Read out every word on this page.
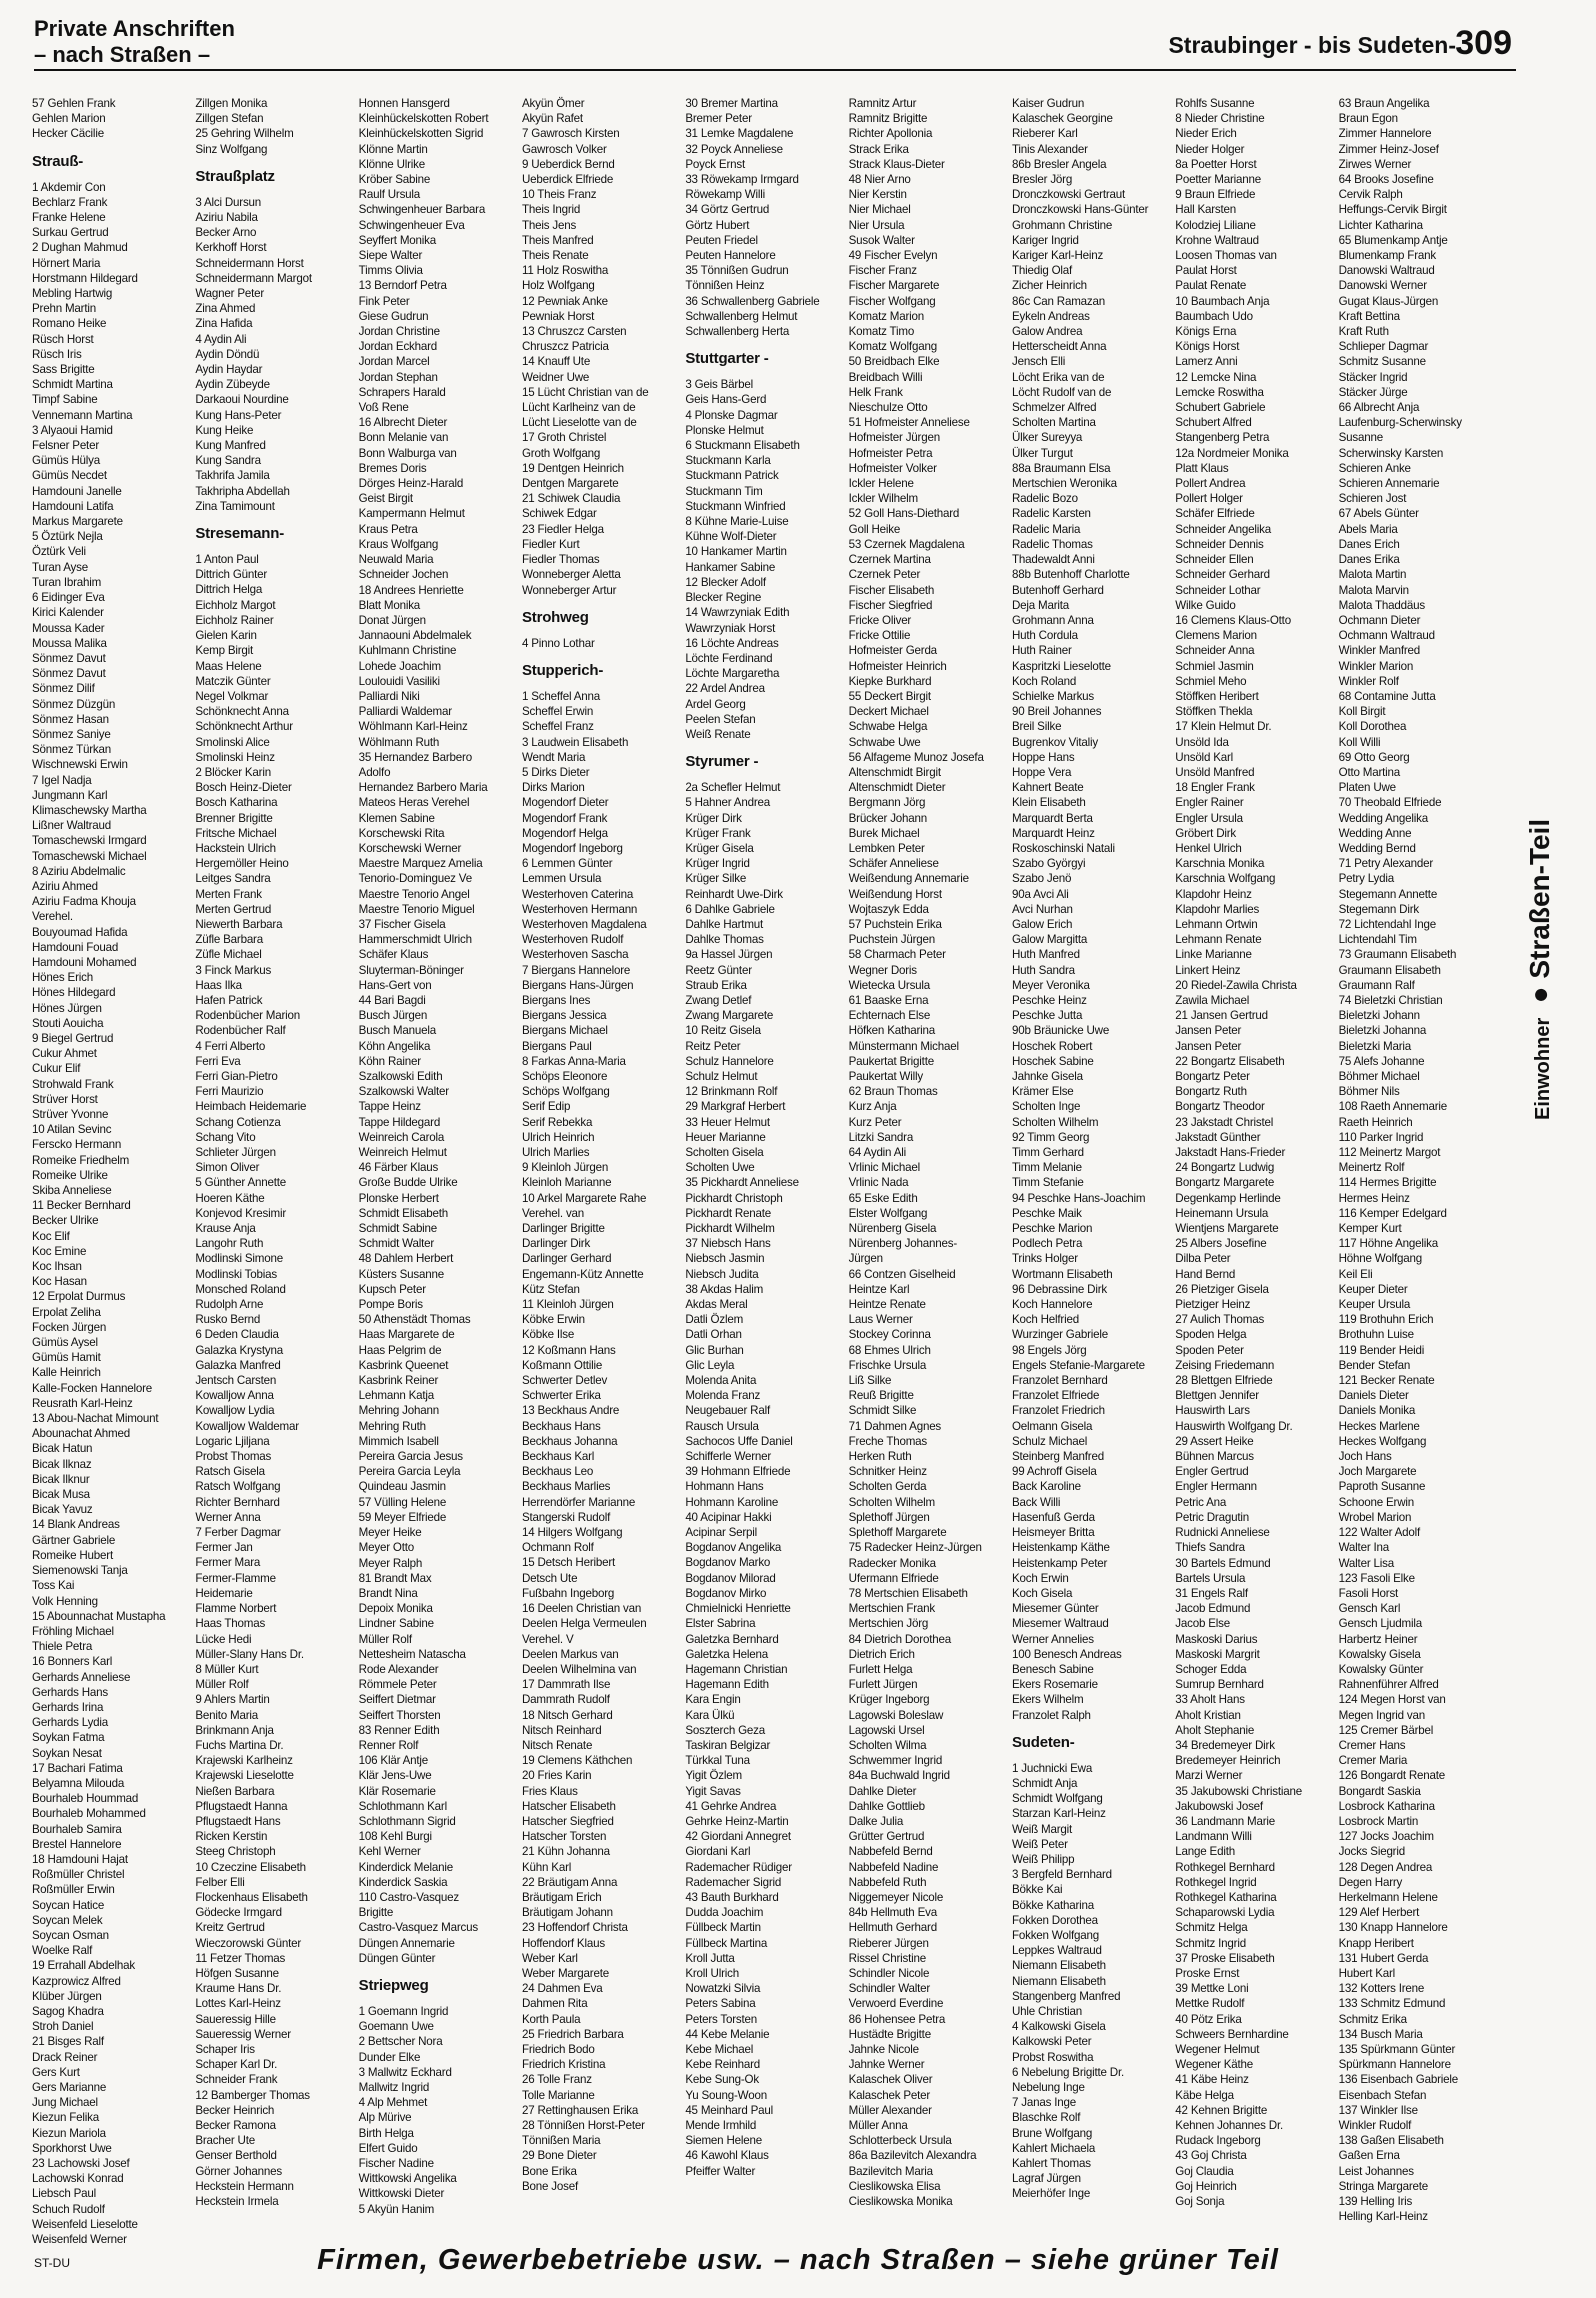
Private Anschriften
– nach Straßen –	Straubinger - bis Sudeten- 309
57 Gehlen Frank
Gehlen Marion
Hecker Cäcilie
Strauß-
1 Akdemir Con
Bechlarz Frank
Franke Helene
Surkau Gertrud
2 Dughan Mahmud
Hörnert Maria
Horstmann Hildegard
Mebling Hartwig
Prehn Martin
Romano Heike
Rüsch Horst
Rüsch Iris
Sass Brigitte
Schmidt Martina
Timpf Sabine
Vennemann Martina
3 Alyaoui Hamid
Felsner Peter
Gümüs Hülya
Gümüs Necdet
Hamdouni Janelle
Hamdouni Latifa
Markus Margarete
5 Öztürk Nejla
Öztürk Veli
Turan Ayse
Turan Ibrahim
6 Eidinger Eva
Kirici Kalender
Moussa Kader
Moussa Malika
Sönmez Davut
Sönmez Davut
Sönmez Dilif
Sönmez Düzgün
Sönmez Hasan
Sönmez Saniye
Sönmez Türkan
Wischnewski Erwin
7 Igel Nadja
Jungmann Karl
Klimaschewsky Martha
Lißner Waltraud
Tomaschewski Irmgard
Tomaschewski Michael
8 Aziriu Abdelmalic
Aziriu Ahmed
Aziriu Fadma Khouja
Verehel.
Bouyoumad Hafida
Hamdouni Fouad
Hamdouni Mohamed
Hönes Erich
Hönes Hildegard
Hönes Jürgen
Stouti Aouicha
9 Biegel Gertrud
Cukur Ahmet
Cukur Elif
Strohwald Frank
Strüver Horst
Strüver Yvonne
10 Atilan Sevinc
Ferscko Hermann
Romeike Friedhelm
Romeike Ulrike
Skiba Anneliese
11 Becker Bernhard
Becker Ulrike
Koc Elif
Koc Emine
Koc Ihsan
Koc Hasan
12 Erpolat Durmus
Erpolat Zeliha
Focken Jürgen
Gümüs Aysel
Gümüs Hamit
Kalle Heinrich
Kalle-Focken Hannelore
Reusrath Karl-Heinz
13 Abou-Nachat Mimount
Abounachat Ahmed
Bicak Hatun
Bicak Ilknaz
Bicak Ilknur
Bicak Musa
Bicak Yavuz
14 Blank Andreas
Gärtner Gabriele
Romeike Hubert
Siemenowski Tanja
Toss Kai
Volk Henning
15 Abounnachat Mustapha
Fröhling Michael
Thiele Petra
16 Bonners Karl
Gerhards Anneliese
Gerhards Hans
Gerhards Irina
Gerhards Lydia
Soykan Fatma
Soykan Nesat
17 Bachari Fatima
Belyamna Milouda
Bourhaleb Hoummad
Bourhaleb Mohammed
Bourhaleb Samira
Brestel Hannelore
18 Hamdouni Hajat
Roßmüller Christel
Roßmüller Erwin
Soycan Hatice
Soycan Melek
Soycan Osman
Woelke Ralf
19 Errahall Abdelhak
Kazprowicz Alfred
Klüber Jürgen
Sagog Khadra
Stroh Daniel
21 Bisges Ralf
Drack Reiner
Gers Kurt
Gers Marianne
Jung Michael
Kiezun Felika
Kiezun Mariola
Sporkhorst Uwe
23 Lachowski Josef
Lachowski Konrad
Liebsch Paul
Schuch Rudolf
Weisenfeld Lieselotte
Weisenfeld Werner
Zillgen Monika
Zillgen Stefan
25 Gehring Wilhelm
Sinz Wolfgang
Straußplatz
3 Alci Dursun
Aziriu Nabila
Becker Arno
Kerkhoff Horst
Schneidermann Horst
Schneidermann Margot
Wagner Peter
Zina Ahmed
Zina Hafida
4 Aydin Ali
Aydin Döndü
Aydin Haydar
Aydin Zübeyde
Darkaoui Nourdine
Kung Hans-Peter
Kung Heike
Kung Manfred
Kung Sandra
Takhrifa Jamila
Takhripha Abdellah
Zina Tamimount
Stresemann-
1 Anton Paul
Dittrich Günter
Dittrich Helga
Eichholz Margot
Eichholz Rainer
Gielen Karin
Kemp Birgit
Maas Helene
Matczik Günter
Negel Volkmar
Schönknecht Anna
Schönknecht Arthur
Smolinski Alice
Smolinski Heinz
2 Blöcker Karin
Bosch Heinz-Dieter
Bosch Katharina
Brenner Brigitte
Fritsche Michael
Hackstein Ulrich
Hergemöller Heino
Leitges Sandra
Merten Frank
Merten Gertrud
Niewerth Barbara
Züfle Barbara
Züfle Michael
3 Finck Markus
Haas Ilka
Hafen Patrick
Rodenbücher Marion
Rodenbücher Ralf
4 Ferri Alberto
Ferri Eva
Ferri Gian-Pietro
Ferri Maurizio
Heimbach Heidemarie
Schang Cotienza
Schang Vito
Schlieter Jürgen
Simon Oliver
5 Günther Annette
Hoeren Käthe
Konjevod Kresimir
Krause Anja
Langohr Ruth
Modlinski Simone
Modlinski Tobias
Monsched Roland
Rudolph Arne
Rusko Bernd
6 Deden Claudia
Galazka Krystyna
Galazka Manfred
Jentsch Carsten
Kowalljow Anna
Kowalljow Lydia
Kowalljow Waldemar
Logaric Ljiljana
Probst Thomas
Ratsch Gisela
Ratsch Wolfgang
Richter Bernhard
Werner Anna
7 Ferber Dagmar
Fermer Jan
Fermer Mara
Fermer-Flamme
Heidemarie
Flamme Norbert
Haas Thomas
Lücke Hedi
Müller-Slany Hans Dr.
8 Müller Kurt
Müller Rolf
9 Ahlers Martin
Benito Maria
Brinkmann Anja
Fuchs Martina Dr.
Krajewski Karlheinz
Krajewski Lieselotte
Nießen Barbara
Pflugstaedt Hanna
Pflugstaedt Hans
Ricken Kerstin
Steeg Christoph
10 Czeczine Elisabeth
Felber Elli
Flockenhaus Elisabeth
Gödecke Irmgard
Kreitz Gertrud
Wieczorowski Günter
11 Fetzer Thomas
Höfgen Susanne
Kraume Hans Dr.
Lottes Karl-Heinz
Saueressig Hille
Saueressig Werner
Schaper Iris
Schaper Karl Dr.
Schneider Frank
12 Bamberger Thomas
Becker Heinrich
Becker Ramona
Bracher Ute
Genser Berthold
Görner Johannes
Heckstein Hermann
Heckstein Irmela
Honnen Hansgerd
Kleinhückelskotten Robert
Kleinhückelskotten Sigrid
Klönne Martin
Klönne Ulrike
Kröber Sabine
Raulf Ursula
Schwingenheuer Barbara
Schwingenheuer Eva
Seyffert Monika
Siepe Walter
Timms Olivia
13 Berndorf Petra
Fink Peter
Giese Gudrun
Jordan Christine
Jordan Eckhard
Jordan Marcel
Jordan Stephan
Schrapers Harald
Voß Rene
16 Albrecht Dieter
Bonn Melanie van
Bonn Walburga van
Bremes Doris
Dörges Heinz-Harald
Geist Birgit
Kampermann Helmut
Kraus Petra
Kraus Wolfgang
Neuwald Maria
Schneider Jochen
18 Andrees Henriette
Blatt Monika
Donat Jürgen
Jannaouni Abdelmalek
Kuhlmann Christine
Lohede Joachim
Loulouidi Vasiliki
Palliardi Niki
Palliardi Waldemar
Wöhlmann Karl-Heinz
Wöhlmann Ruth
35 Hernandez Barbero
Adolfo
Hernandez Barbero Maria
Mateos Heras Verehel
Klemen Sabine
Korschewski Rita
Korschewski Werner
Maestre Marquez Amelia
Tenorio-Dominguez Ve
Maestre Tenorio Angel
Maestre Tenorio Miguel
37 Fischer Gisela
Hammerschmidt Ulrich
Schäfer Klaus
Sluyterman-Böninger
Hans-Gert von
44 Bari Bagdi
Busch Jürgen
Busch Manuela
Köhn Angelika
Köhn Rainer
Szalkowski Edith
Szalkowski Walter
Tappe Heinz
Tappe Hildegard
Weinreich Carola
Weinreich Helmut
46 Färber Klaus
Große Budde Ulrike
Plonske Herbert
Schmidt Elisabeth
Schmidt Sabine
Schmidt Walter
48 Dahlem Herbert
Küsters Susanne
Kupsch Peter
Pompe Boris
50 Athenstädt Thomas
Haas Margarete de
Haas Pelgrim de
Kasbrink Queenet
Kasbrink Reiner
Lehmann Katja
Mehring Johann
Mehring Ruth
Mimmich Isabell
Pereira Garcia Jesus
Pereira Garcia Leyla
Quindeau Jasmin
57 Vülling Helene
59 Meyer Elfriede
Meyer Heike
Meyer Otto
Meyer Ralph
81 Brandt Max
Brandt Nina
Depoix Monika
Lindner Sabine
Müller Rolf
Nettesheim Natascha
Rode Alexander
Römmele Peter
Seiffert Dietmar
Seiffert Thorsten
83 Renner Edith
Renner Rolf
106 Klär Antje
Klär Jens-Uwe
Klär Rosemarie
Schlothmann Karl
Schlothmann Sigrid
108 Kehl Burgi
Kehl Werner
Kinderdick Melanie
Kinderdick Saskia
110 Castro-Vasquez
Brigitte
Castro-Vasquez Marcus
Düngen Annemarie
Düngen Günter
Striepweg
1 Goemann Ingrid
Goemann Uwe
2 Bettscher Nora
Dunder Elke
3 Mallwitz Eckhard
Mallwitz Ingrid
4 Alp Mehmet
Alp Mürive
Birth Helga
Elfert Guido
Fischer Nadine
Wittkowski Angelika
Wittkowski Dieter
5 Akyün Hanim
Akyün Ömer
Akyün Rafet
7 Gawrosch Kirsten
Gawrosch Volker
9 Ueberdick Bernd
Ueberdick Elfriede
10 Theis Franz
Theis Ingrid
Theis Jens
Theis Manfred
Theis Renate
11 Holz Roswitha
Holz Wolfgang
12 Pewniak Anke
Pewniak Horst
13 Chruszcz Carsten
Chruszcz Patricia
14 Knauff Ute
Weidner Uwe
15 Lücht Christian van de
Lücht Karlheinz van de
Lücht Lieselotte van de
17 Groth Christel
Groth Wolfgang
19 Dentgen Heinrich
Dentgen Margarete
21 Schiwek Claudia
Schiwek Edgar
23 Fiedler Helga
Fiedler Kurt
Fiedler Thomas
Wonneberger Aletta
Wonneberger Artur
Strohweg
4 Pinno Lothar
Stupperich-
1 Scheffel Anna
Scheffel Erwin
Scheffel Franz
3 Laudwein Elisabeth
Wendt Maria
5 Dirks Dieter
Dirks Marion
Mogendorf Dieter
Mogendorf Frank
Mogendorf Helga
Mogendorf Ingeborg
6 Lemmen Günter
Lemmen Ursula
Westerhoven Caterina
Westerhoven Hermann
Westerhoven Magdalena
Westerhoven Rudolf
Westerhoven Sascha
7 Biergans Hannelore
Biergans Hans-Jürgen
Biergans Ines
Biergans Jessica
Biergans Michael
Biergans Paul
8 Farkas Anna-Maria
Schöps Eleonore
Schöps Wolfgang
Serif Edip
Serif Rebekka
Ulrich Heinrich
Ulrich Marlies
9 Kleinloh Jürgen
Kleinloh Marianne
10 Arkel Margarete Rahe
Verehel. van
Darlinger Brigitte
Darlinger Dirk
Darlinger Gerhard
Engemann-Kütz Annette
Kütz Stefan
11 Kleinloh Jürgen
Köbke Erwin
Köbke Ilse
12 Koßmann Hans
Koßmann Ottilie
Schwerter Detlev
Schwerter Erika
13 Beckhaus Andre
Beckhaus Hans
Beckhaus Johanna
Beckhaus Karl
Beckhaus Leo
Beckhaus Marlies
Herrendörfer Marianne
Stangerski Rudolf
14 Hilgers Wolfgang
Ochmann Rolf
15 Detsch Heribert
Detsch Ute
Fußbahn Ingeborg
16 Deelen Christian van
Deelen Helga Vermeulen
Verehel. V
Deelen Markus van
Deelen Wilhelmina van
17 Dammrath Ilse
Dammrath Rudolf
18 Nitsch Gerhard
Nitsch Reinhard
Nitsch Renate
19 Clemens Käthchen
20 Fries Karin
Fries Klaus
Hatscher Elisabeth
Hatscher Siegfried
Hatscher Torsten
21 Kühn Johanna
Kühn Karl
22 Bräutigam Anna
Bräutigam Erich
Bräutigam Johann
23 Hoffendorf Christa
Hoffendorf Klaus
Weber Karl
Weber Margarete
24 Dahmen Eva
Dahmen Rita
Korth Paula
25 Friedrich Barbara
Friedrich Bodo
Friedrich Kristina
26 Tolle Franz
Tolle Marianne
27 Rettinghausen Erika
28 Tönnißen Horst-Peter
Tönnißen Maria
29 Bone Dieter
Bone Erika
Bone Josef
30 Bremer Martina
Bremer Peter
31 Lemke Magdalene
32 Poyck Anneliese
Poyck Ernst
33 Röwekamp Irmgard
Röwekamp Willi
34 Görtz Gertrud
Görtz Hubert
Peuten Friedel
Peuten Hannelore
35 Tönnißen Gudrun
Tönnißen Heinz
36 Schwallenberg Gabriele
Schwallenberg Helmut
Schwallenberg Herta
Stuttgarter -
3 Geis Bärbel
Geis Hans-Gerd
4 Plonske Dagmar
Plonske Helmut
6 Stuckmann Elisabeth
Stuckmann Karla
Stuckmann Patrick
Stuckmann Tim
Stuckmann Winfried
8 Kühne Marie-Luise
Kühne Wolf-Dieter
10 Hankamer Martin
Hankamer Sabine
12 Blecker Adolf
Blecker Regine
14 Wawrzyniak Edith
Wawrzyniak Horst
16 Löchte Andreas
Löchte Ferdinand
Löchte Margaretha
22 Ardel Andrea
Ardel Georg
Peelen Stefan
Weiß Renate
Styrumer -
2a Schefler Helmut
5 Hahner Andrea
Krüger Dirk
Krüger Frank
Krüger Gisela
Krüger Ingrid
Krüger Silke
Reinhardt Uwe-Dirk
6 Dahlke Gabriele
Dahlke Hartmut
Dahlke Thomas
9a Hassel Jürgen
Reetz Günter
Straub Erika
Zwang Detlef
Zwang Margarete
10 Reitz Gisela
Reitz Peter
Schulz Hannelore
Schulz Helmut
12 Brinkmann Rolf
29 Markgraf Herbert
33 Heuer Helmut
Heuer Marianne
Scholten Gisela
Scholten Uwe
35 Pickhardt Anneliese
Pickhardt Christoph
Pickhardt Renate
Pickhardt Wilhelm
37 Niebsch Hans
Niebsch Jasmin
Niebsch Judita
38 Akdas Halim
Akdas Meral
Datli Özlem
Datli Orhan
Glic Burhan
Glic Leyla
Molenda Anita
Molenda Franz
Neugebauer Ralf
Rausch Ursula
Sachocos Uffe Daniel
Schifferle Werner
39 Hohmann Elfriede
Hohmann Hans
Hohmann Karoline
40 Acipinar Hakki
Acipinar Serpil
Bogdanov Angelika
Bogdanov Marko
Bogdanov Milorad
Bogdanov Mirko
Chmielnicki Henriette
Elster Sabrina
Galetzka Bernhard
Galetzka Helena
Hagemann Christian
Hagemann Edith
Kara Engin
Kara Ülkü
Soszterch Geza
Taskiran Belgizar
Türkkal Tuna
Yigit Özlem
Yigit Savas
41 Gehrke Andrea
Gehrke Heinz-Martin
42 Giordani Annegret
Giordani Karl
Rademacher Rüdiger
Rademacher Sigrid
43 Bauth Burkhard
Dudda Joachim
Füllbeck Martin
Füllbeck Martina
Kroll Jutta
Kroll Ulrich
Nowatzki Silvia
Peters Sabina
Peters Torsten
44 Kebe Melanie
Kebe Michael
Kebe Reinhard
Kebe Sung-Ok
Yu Soung-Woon
45 Meinhard Paul
Mende Irmhild
Siemen Helene
46 Kawohl Klaus
Pfeiffer Walter
Ramnitz Artur
Ramnitz Brigitte
Richter Apollonia
Strack Erika
Strack Klaus-Dieter
48 Nier Arno
Nier Kerstin
Nier Michael
Nier Ursula
Susok Walter
49 Fischer Evelyn
Fischer Franz
Fischer Margarete
Fischer Wolfgang
Komatz Marion
Komatz Timo
Komatz Wolfgang
50 Breidbach Elke
Breidbach Willi
Helk Frank
Nieschulze Otto
51 Hofmeister Anneliese
Hofmeister Jürgen
Hofmeister Petra
Hofmeister Volker
Ickler Helene
Ickler Wilhelm
52 Goll Hans-Diethard
Goll Heike
53 Czernek Magdalena
Czernek Martina
Czernek Peter
Fischer Elisabeth
Fischer Siegfried
Fricke Oliver
Fricke Ottilie
Hofmeister Gerda
Hofmeister Heinrich
Kiepke Burkhard
55 Deckert Birgit
Deckert Michael
Schwabe Helga
Schwabe Uwe
56 Alfageme Munoz Josefa
Altenschmidt Birgit
Altenschmidt Dieter
Bergmann Jörg
Brücker Johann
Burek Michael
Lembken Peter
Schäfer Anneliese
Weißendung Annemarie
Weißendung Horst
Wojtaszyk Edda
57 Puchstein Erika
Puchstein Jürgen
58 Charmach Peter
Wegner Doris
Wietecka Ursula
61 Baaske Erna
Echternach Else
Höfken Katharina
Münstermann Michael
Paukertat Brigitte
Paukertat Willy
62 Braun Thomas
Kurz Anja
Kurz Peter
Litzki Sandra
64 Aydin Ali
Vrlinic Michael
Vrlinic Nada
65 Eske Edith
Elster Wolfgang
Nürenberg Gisela
Nürenberg Johannes-
Jürgen
66 Contzen Giselheid
Heintze Karl
Heintze Renate
Laus Werner
Stockey Corinna
68 Ehmes Ulrich
Frischke Ursula
Liß Silke
Reuß Brigitte
Schmidt Silke
71 Dahmen Agnes
Freche Thomas
Herken Ruth
Schnitker Heinz
Scholten Gerda
Scholten Wilhelm
Splethoff Jürgen
Splethoff Margarete
75 Radecker Heinz-Jürgen
Radecker Monika
Ufermann Elfriede
78 Mertschien Elisabeth
Mertschien Frank
Mertschien Jörg
84 Dietrich Dorothea
Dietrich Erich
Furlett Helga
Furlett Jürgen
Krüger Ingeborg
Lagowski Boleslaw
Lagowski Ursel
Scholten Wilma
Schwemmer Ingrid
84a Buchwald Ingrid
Dahlke Dieter
Dahlke Gottlieb
Dalke Julia
Grütter Gertrud
Nabbefeld Bernd
Nabbefeld Nadine
Nabbefeld Ruth
Niggemeyer Nicole
84b Hellmuth Eva
Hellmuth Gerhard
Rieberer Jürgen
Rissel Christine
Schindler Nicole
Schindler Walter
Verwoerd Everdine
86 Hohensee Petra
Hustädte Brigitte
Jahnke Nicole
Jahnke Werner
Kalaschek Oliver
Kalaschek Peter
Müller Alexander
Müller Anna
Schlotterbeck Ursula
86a Bazilevitch Alexandra
Bazilevitch Maria
Cieslikowska Elisa
Cieslikowska Monika
Kaiser Gudrun
Kalaschek Georgine
Rieberer Karl
Tinis Alexander
86b Bresler Angela
Bresler Jörg
Dronczkowski Gertraut
Dronczkowski Hans-Günter
Grohmann Christine
Kariger Ingrid
Kariger Karl-Heinz
Thiedig Olaf
Zicher Heinrich
86c Can Ramazan
Eykeln Andreas
Galow Andrea
Hetterscheidt Anna
Jensch Elli
Löcht Erika van de
Löcht Rudolf van de
Schmelzer Alfred
Scholten Martina
Ülker Sureyya
Ülker Turgut
88a Braumann Elsa
Mertschien Weronika
Radelic Bozo
Radelic Karsten
Radelic Maria
Radelic Thomas
Thadewaldt Anni
88b Butenhoff Charlotte
Butenhoff Gerhard
Deja Marita
Grohmann Anna
Huth Cordula
Huth Rainer
Kaspritzki Lieselotte
Koch Roland
Schielke Markus
90 Breil Johannes
Breil Silke
Bugrenkov Vitaliy
Hoppe Hans
Hoppe Vera
Kahnert Beate
Klein Elisabeth
Marquardt Berta
Marquardt Heinz
Roskoschinski Natali
Szabo Györgyi
Szabo Jenö
90a Avci Ali
Avci Nurhan
Galow Erich
Galow Margitta
Huth Manfred
Huth Sandra
Meyer Veronika
Peschke Heinz
Peschke Jutta
90b Bräunicke Uwe
Hoschek Robert
Hoschek Sabine
Jahnke Gisela
Krämer Else
Scholten Inge
Scholten Wilhelm
92 Timm Georg
Timm Gerhard
Timm Melanie
Timm Stefanie
94 Peschke Hans-Joachim
Peschke Maik
Peschke Marion
Podlech Petra
Trinks Holger
Wortmann Elisabeth
96 Debrassine Dirk
Koch Hannelore
Koch Helfried
Wurzinger Gabriele
98 Engels Jörg
Engels Stefanie-Margarete
Franzolet Bernhard
Franzolet Elfriede
Franzolet Friedrich
Oelmann Gisela
Schulz Michael
Steinberg Manfred
99 Achroff Gisela
Back Karoline
Back Willi
Hasenfuß Gerda
Heismeyer Britta
Heistenkamp Käthe
Heistenkamp Peter
Koch Erwin
Koch Gisela
Miesemer Günter
Miesemer Waltraud
Werner Annelies
100 Benesch Andreas
Benesch Sabine
Ekers Rosemarie
Ekers Wilhelm
Franzolet Ralph
Sudeten-
1 Juchnicki Ewa
Schmidt Anja
Schmidt Wolfgang
Starzan Karl-Heinz
Weiß Margit
Weiß Peter
Weiß Philipp
3 Bergfeld Bernhard
Bökke Kai
Bökke Katharina
Fokken Dorothea
Fokken Wolfgang
Leppkes Waltraud
Niemann Elisabeth
Niemann Elisabeth
Stangenberg Manfred
Uhle Christian
4 Kalkowski Gisela
Kalkowski Peter
Probst Roswitha
6 Nebelung Brigitte Dr.
Nebelung Inge
7 Janas Inge
Blaschke Rolf
Brune Wolfgang
Kahlert Michaela
Kahlert Thomas
Lagraf Jürgen
Meierhöfer Inge
Rohlfs Susanne
8 Nieder Christine
Nieder Erich
Nieder Holger
8a Poetter Horst
Poetter Marianne
9 Braun Elfriede
Hall Karsten
Kolodziej Liliane
Krohne Waltraud
Loosen Thomas van
Paulat Horst
Paulat Renate
10 Baumbach Anja
Baumbach Udo
Königs Erna
Königs Horst
Lamerz Anni
12 Lemcke Nina
Lemcke Roswitha
Schubert Gabriele
Schubert Alfred
Stangenberg Petra
12a Nordmeier Monika
Platt Klaus
Pollert Andrea
Pollert Holger
Schäfer Elfriede
Schneider Angelika
Schneider Dennis
Schneider Ellen
Schneider Gerhard
Schneider Lothar
Wilke Guido
16 Clemens Klaus-Otto
Clemens Marion
Schneider Anna
Schmiel Jasmin
Schmiel Meho
Stöffken Heribert
Stöffken Thekla
17 Klein Helmut Dr.
Unsöld Ida
Unsöld Karl
Unsöld Manfred
18 Engler Frank
Engler Rainer
Engler Ursula
Gröbert Dirk
Henkel Ulrich
Karschnia Monika
Karschnia Wolfgang
Klapdohr Heinz
Klapdohr Marlies
Lehmann Ortwin
Lehmann Renate
Linke Marianne
Linkert Heinz
20 Riedel-Zawila Christa
Zawila Michael
21 Jansen Gertrud
Jansen Peter
Jansen Peter
22 Bongartz Elisabeth
Bongartz Peter
Bongartz Ruth
Bongartz Theodor
23 Jakstadt Christel
Jakstadt Günther
Jakstadt Hans-Frieder
24 Bongartz Ludwig
Bongartz Margarete
Degenkamp Herlinde
Heinemann Ursula
Wientjens Margarete
25 Albers Josefine
Dilba Peter
Hand Bernd
26 Pietziger Gisela
Pietziger Heinz
27 Aulich Thomas
Spoden Helga
Spoden Peter
Zeising Friedemann
28 Blettgen Elfriede
Blettgen Jennifer
Hauswirth Lars
Hauswirth Wolfgang Dr.
29 Assert Heike
Bühnen Marcus
Engler Gertrud
Engler Hermann
Petric Ana
Petric Dragutin
Rudnicki Anneliese
Thiefs Sandra
30 Bartels Edmund
Bartels Ursula
31 Engels Ralf
Jacob Edmund
Jacob Else
Maskoski Darius
Maskoski Margrit
Schoger Edda
Sumrup Bernhard
33 Aholt Hans
Aholt Kristian
Aholt Stephanie
34 Bredemeyer Dirk
Bredemeyer Heinrich
Marzi Werner
35 Jakubowski Christiane
Jakubowski Josef
36 Landmann Marie
Landmann Willi
Lange Edith
Rothkegel Bernhard
Rothkegel Ingrid
Rothkegel Katharina
Schaparowski Lydia
Schmitz Helga
Schmitz Ingrid
37 Proske Elisabeth
Proske Ernst
39 Mettke Loni
Mettke Rudolf
40 Pötz Erika
Schweers Bernhardine
Wegener Helmut
Wegener Käthe
41 Käbe Heinz
Käbe Helga
42 Kehnen Brigitte
Kehnen Johannes Dr.
Rudack Ingeborg
43 Goj Christa
Goj Claudia
Goj Heinrich
Goj Sonja
63 Braun Angelika
Braun Egon
Zimmer Hannelore
Zimmer Heinz-Josef
Zirwes Werner
64 Brooks Josefine
Cervik Ralph
Heffungs-Cervik Birgit
Lichter Katharina
65 Blumenkamp Antje
Blumenkamp Frank
Danowski Waltraud
Danowski Werner
Gugat Klaus-Jürgen
Kraft Bettina
Kraft Ruth
Schlieper Dagmar
Schmitz Susanne
Stäcker Ingrid
Stäcker Jürge
66 Albrecht Anja
Laufenburg-Scherwinsky
Susanne
Scherwinsky Karsten
Schieren Anke
Schieren Annemarie
Schieren Jost
67 Abels Günter
Abels Maria
Danes Erich
Danes Erika
Malota Martin
Malota Marvin
Malota Thaddäus
Ochmann Dieter
Ochmann Waltraud
Winkler Manfred
Winkler Marion
Winkler Rolf
68 Contamine Jutta
Koll Birgit
Koll Dorothea
Koll Willi
69 Otto Georg
Otto Martina
Platen Uwe
70 Theobald Elfriede
Wedding Angelika
Wedding Anne
Wedding Bernd
71 Petry Alexander
Petry Lydia
Stegemann Annette
Stegemann Dirk
72 Lichtendahl Inge
Lichtendahl Tim
73 Graumann Elisabeth
Graumann Elisabeth
Graumann Ralf
74 Bieletzki Christian
Bieletzki Johann
Bieletzki Johanna
Bieletzki Maria
75 Alefs Johanne
Böhmer Michael
Böhmer Nils
108 Raeth Annemarie
Raeth Heinrich
110 Parker Ingrid
112 Meinertz Margot
Meinertz Rolf
114 Hermes Brigitte
Hermes Heinz
116 Kemper Edelgard
Kemper Kurt
117 Höhne Angelika
Höhne Wolfgang
Keil Eli
Keuper Dieter
Keuper Ursula
119 Brothuhn Erich
Brothuhn Luise
119 Bender Heidi
Bender Stefan
121 Becker Renate
Daniels Dieter
Daniels Monika
Heckes Marlene
Heckes Wolfgang
Joch Hans
Joch Margarete
Paproth Susanne
Schoone Erwin
Wrobel Marion
122 Walter Adolf
Walter Ina
Walter Lisa
123 Fasoli Elke
Fasoli Horst
Gensch Karl
Gensch Ljudmila
Harbertz Heiner
Kowalsky Gisela
Kowalsky Günter
Rahnenführer Alfred
124 Megen Horst van
Megen Ingrid van
125 Cremer Bärbel
Cremer Hans
Cremer Maria
126 Bongardt Renate
Bongardt Saskia
Losbrock Katharina
Losbrock Martin
127 Jocks Joachim
Jocks Siegrid
128 Degen Andrea
Degen Harry
Herkelmann Helene
129 Alef Herbert
130 Knapp Hannelore
Knapp Heribert
131 Hubert Gerda
Hubert Karl
132 Kotters Irene
133 Schmitz Edmund
Schmitz Erika
134 Busch Maria
135 Spürkmann Günter
Spürkmann Hannelore
136 Eisenbach Gabriele
Eisenbach Stefan
137 Winkler Ilse
Winkler Rudolf
138 Gaßen Elisabeth
Gaßen Erna
Leist Johannes
Stringa Margarete
139 Helling Iris
Helling Karl-Heinz
Einwohner ● Straßen-Teil
ST-DU	Firmen, Gewerbebetriebe usw. – nach Straßen – siehe grüner Teil
